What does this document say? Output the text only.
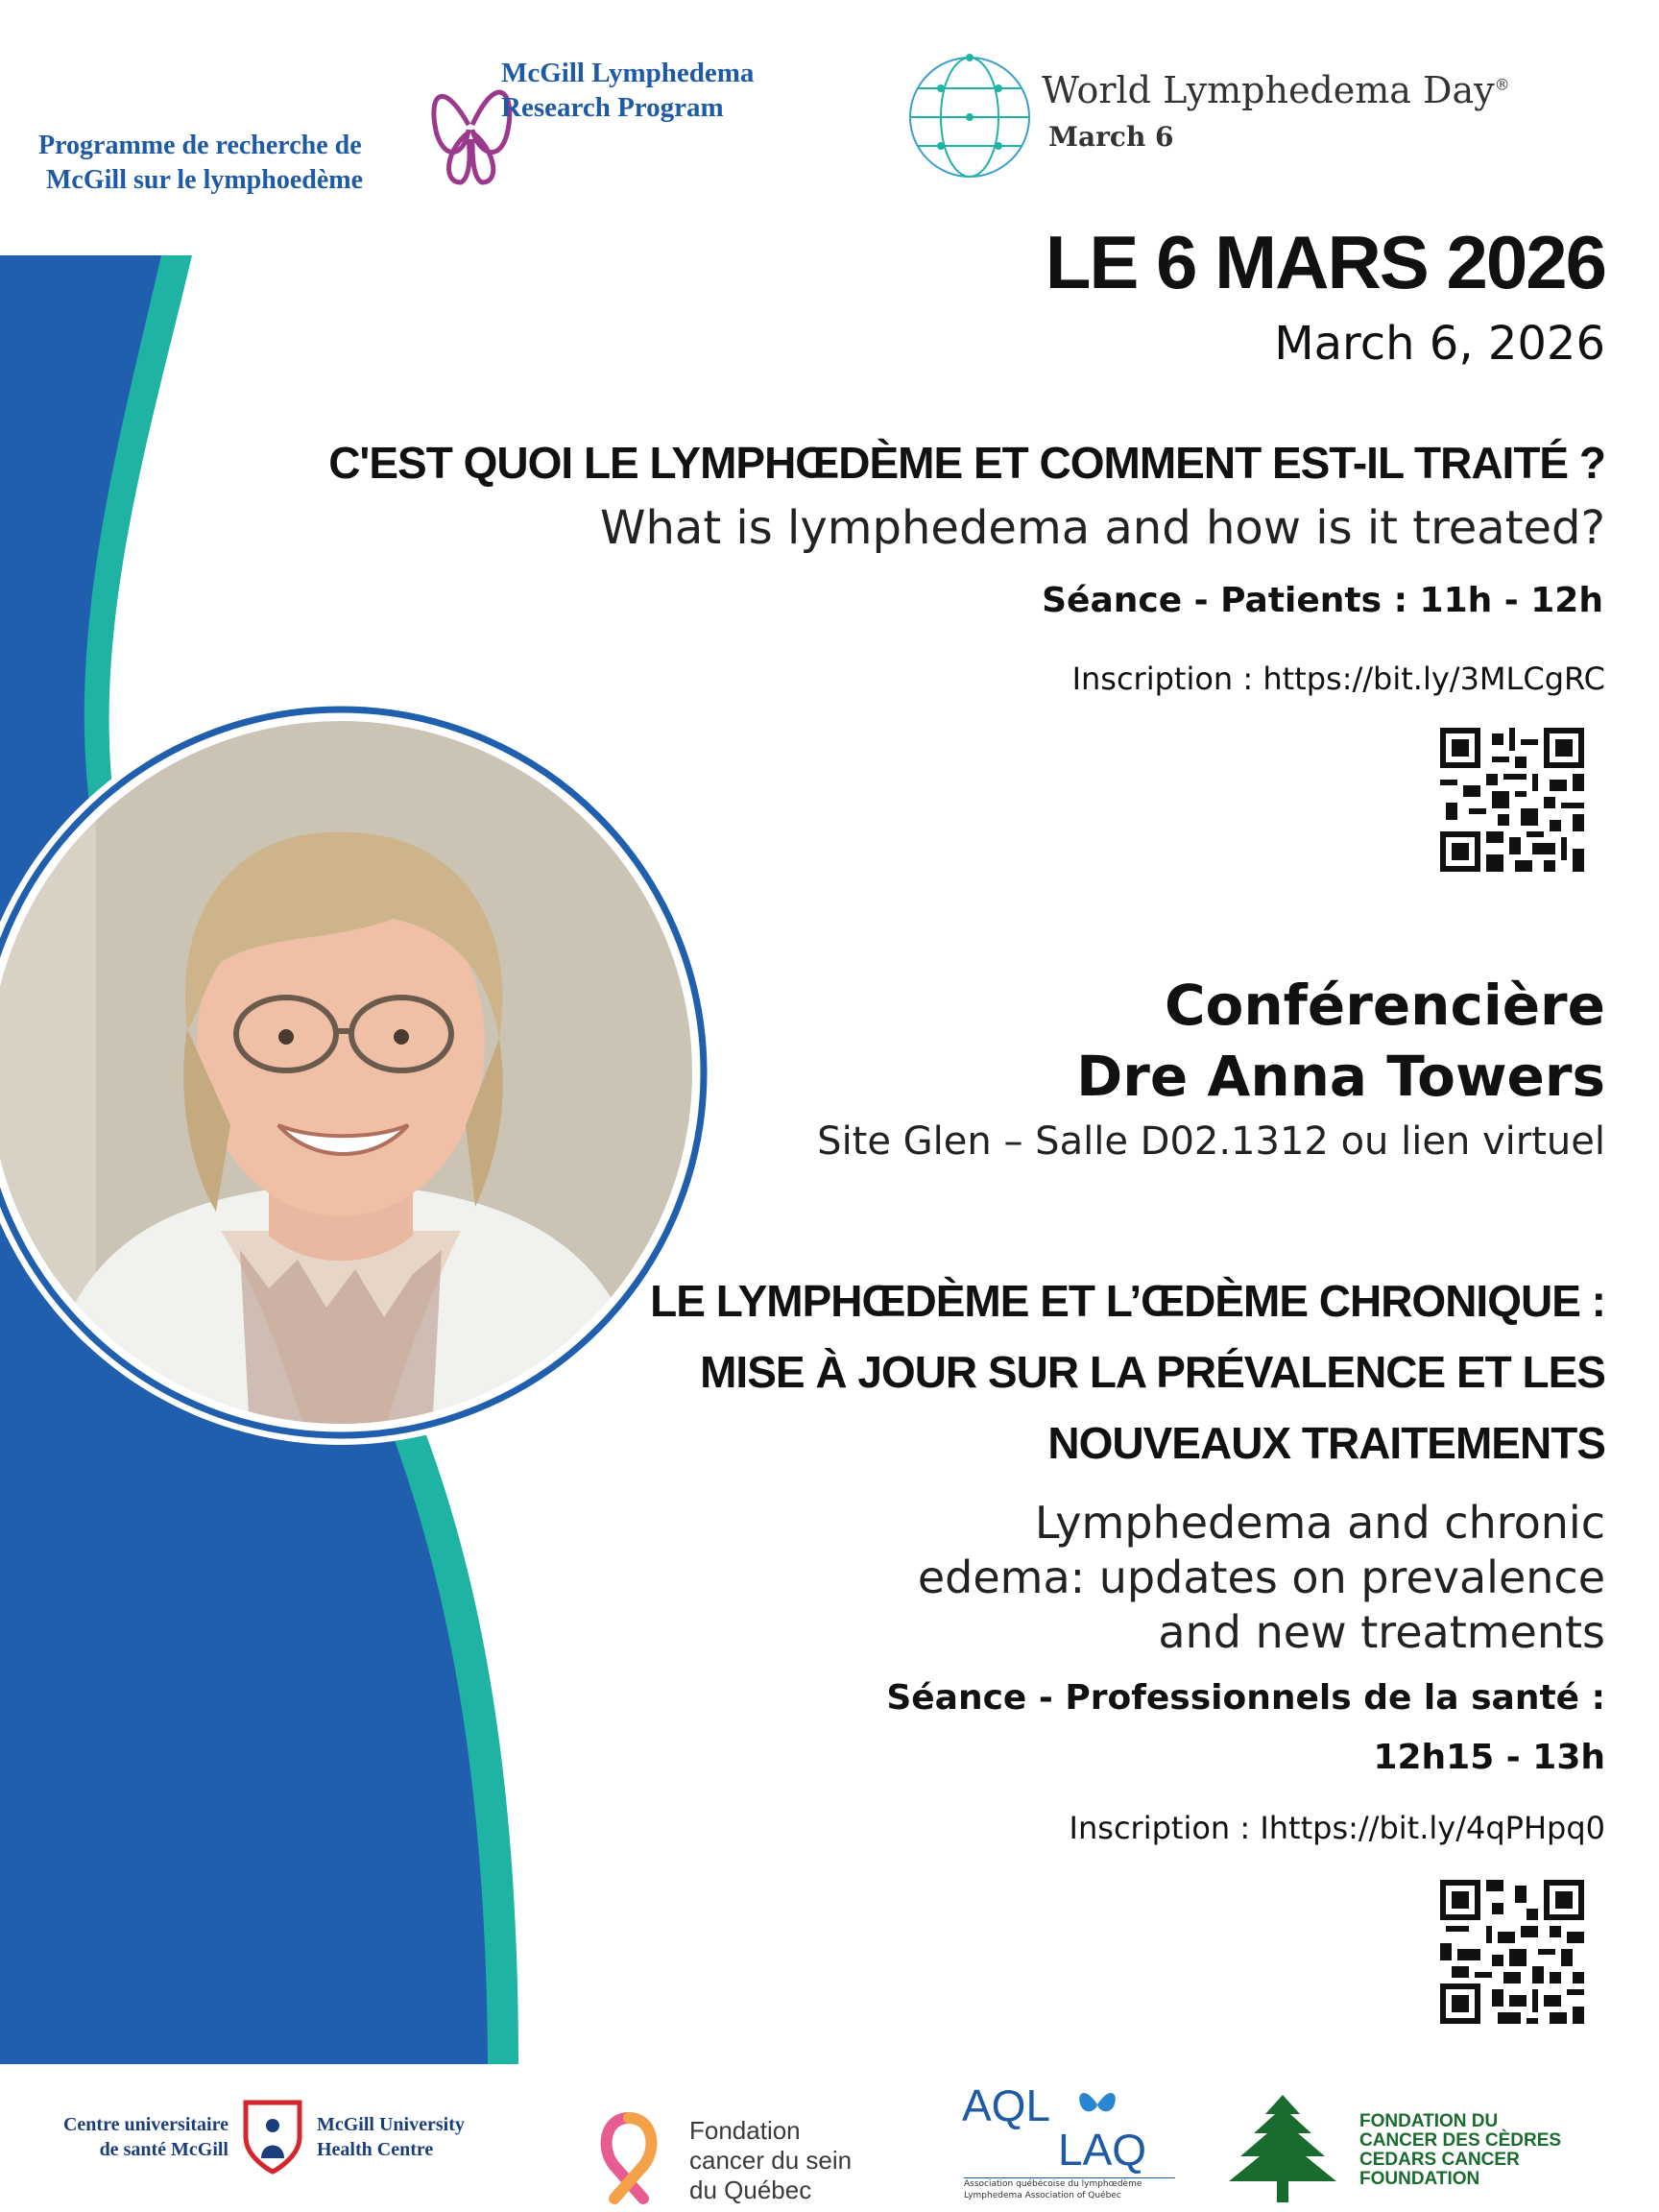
McGill Lymphedema
Research Program
Programme de recherche de
McGill sur le lymphoedème
World Lymphedema Day®
March 6
LE 6 MARS 2026
March 6, 2026
C'EST QUOI LE LYMPHŒDÈME ET COMMENT EST-IL TRAITÉ ?
What is lymphedema and how is it treated?
Séance - Patients : 11h - 12h
Inscription : https://bit.ly/3MLCgRC
Conférencière
Dre Anna Towers
Site Glen – Salle D02.1312 ou lien virtuel
LE LYMPHŒDÈME ET L’ŒDÈME CHRONIQUE :
MISE À JOUR SUR LA PRÉVALENCE ET LES
NOUVEAUX TRAITEMENTS
Lymphedema and chronic
edema: updates on prevalence
and new treatments
Séance - Professionnels de la santé :
12h15 - 13h
Inscription : Ihttps://bit.ly/4qPHpq0
Centre universitaire
de santé McGill
McGill University
Health Centre
Fondation
cancer du sein
du Québec
AQL
LAQ
Association québécoise du lymphœdème
Lymphedema Association of Québec
FONDATION DU
CANCER DES CÈDRES
CEDARS CANCER
FOUNDATION
